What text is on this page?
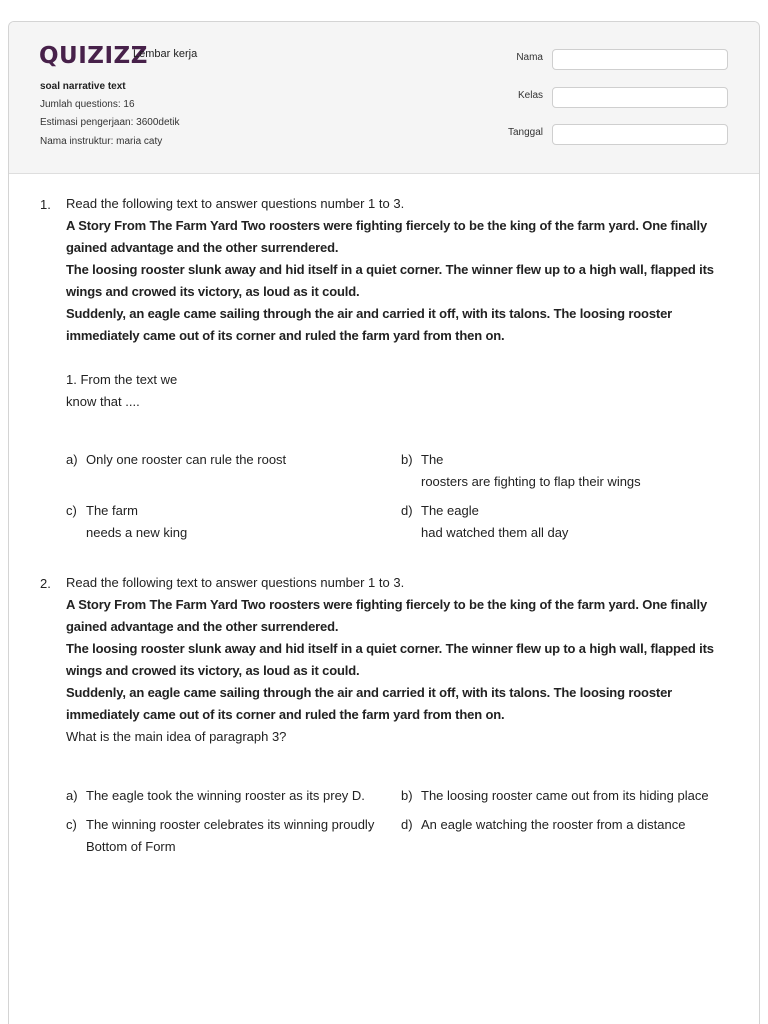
QUIZIZZ
Lembar kerja
soal narrative text
Jumlah questions: 16
Estimasi pengerjaan: 3600detik
Nama instruktur: maria caty
Nama
Kelas
Tanggal
1. Read the following text to answer questions number 1 to 3.
A Story From The Farm Yard Two roosters were fighting fiercely to be the king of the farm yard. One finally
gained advantage and the other surrendered.
The loosing rooster slunk away and hid itself in a quiet corner. The winner flew up to a high wall, flapped its
wings and crowed its victory, as loud as it could.
Suddenly, an eagle came sailing through the air and carried it off, with its talons. The loosing rooster
immediately came out of its corner and ruled the farm yard from then on.
1. From the text we
know that ....
a) Only one rooster can rule the roost	b) The
roosters are fighting to flap their wings
c) The farm
needs a new king
d) The eagle
had watched them all day
2. Read the following text to answer questions number 1 to 3.
A Story From The Farm Yard Two roosters were fighting fiercely to be the king of the farm yard. One finally
gained advantage and the other surrendered.
The loosing rooster slunk away and hid itself in a quiet corner. The winner flew up to a high wall, flapped its
wings and crowed its victory, as loud as it could.
Suddenly, an eagle came sailing through the air and carried it off, with its talons. The loosing rooster
immediately came out of its corner and ruled the farm yard from then on.
What is the main idea of paragraph 3?
a) The eagle took the winning rooster as its prey D.	b) The loosing rooster came out from its hiding place
c) The winning rooster celebrates its winning proudly
Bottom of Form
d) An eagle watching the rooster from a distance
